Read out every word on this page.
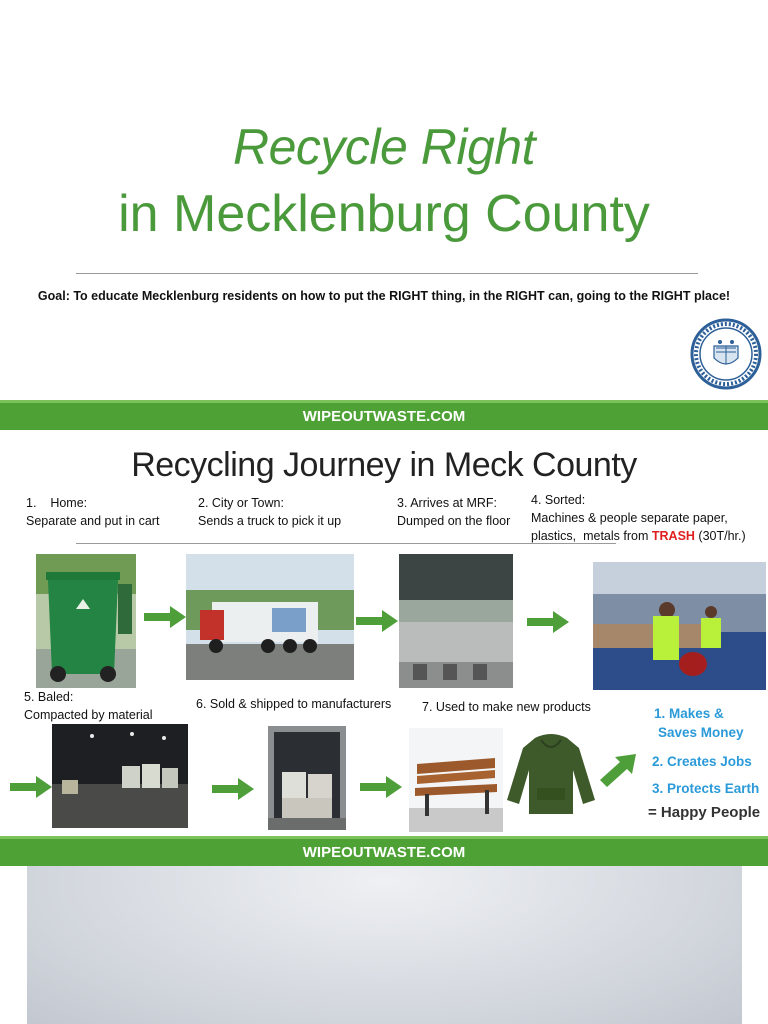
Recycle Right
in Mecklenburg County
Goal: To educate Mecklenburg residents on how to put the RIGHT thing, in the RIGHT can, going to the RIGHT place!
WIPEOUTWASTE.COM
Recycling Journey in Meck County
1.    Home:
Separate and put in cart
2. City or Town:
Sends a truck to pick it up
3. Arrives at MRF:
Dumped on the floor
4. Sorted:
Machines & people separate paper,
plastics,  metals from TRASH (30T/hr.)
5. Baled:
Compacted by material
6. Sold & shipped to manufacturers 7. Used to make new products	1. Makes &
Saves Money
2. Creates Jobs
3. Protects Earth
= Happy People
WIPEOUTWASTE.COM
